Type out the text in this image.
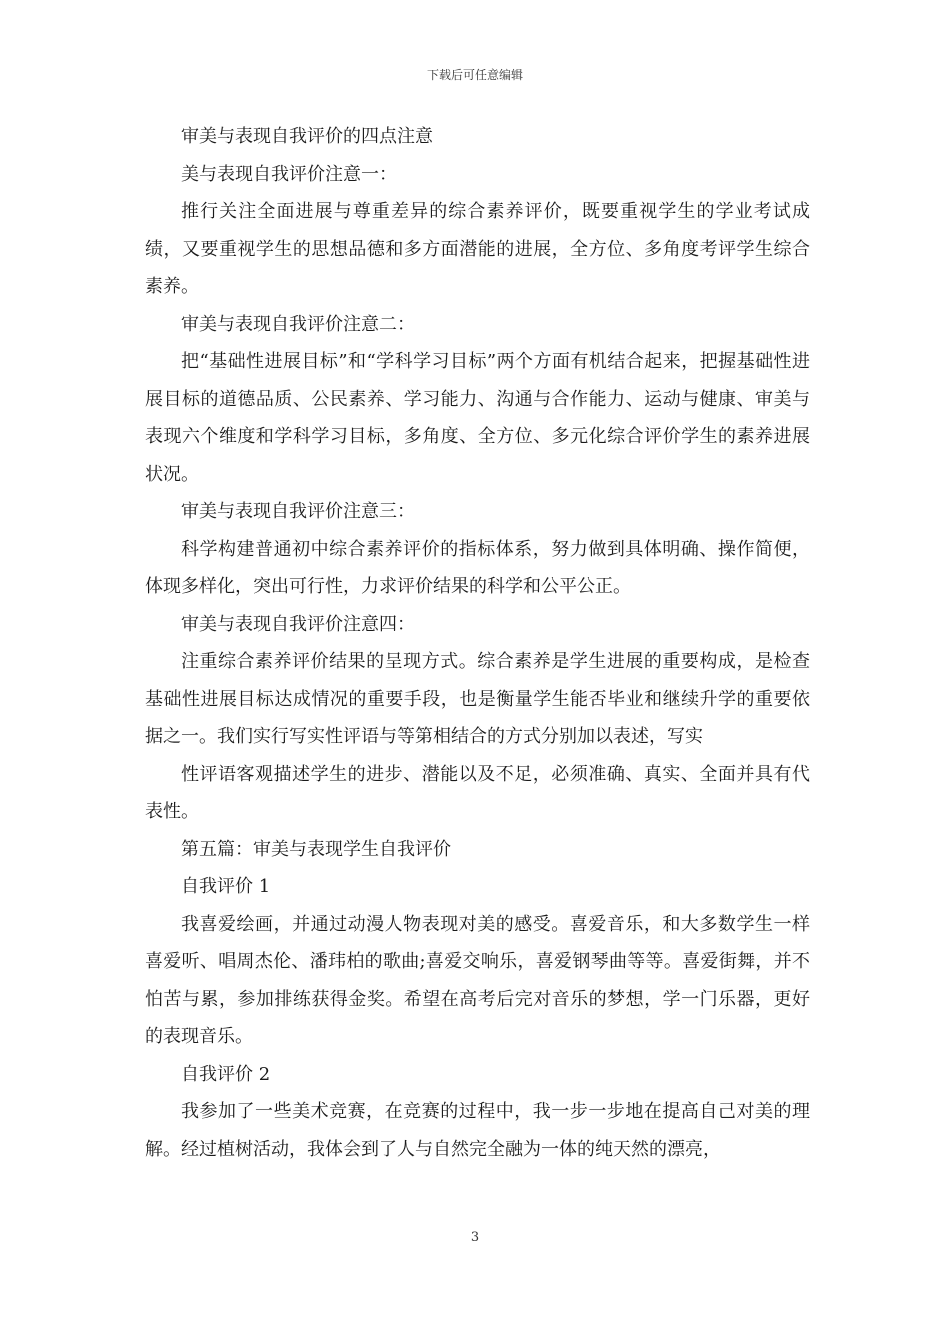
下载后可任意编辑

审美与表现自我评价的四点注意

美与表现自我评价注意一：

推行关注全面进展与尊重差异的综合素养评价，既要重视学生的学业考试成绩，又要重视学生的思想品德和多方面潜能的进展，全方位、多角度考评学生综合素养。

审美与表现自我评价注意二：

把“基础性进展目标”和“学科学习目标”两个方面有机结合起来，把握基础性进展目标的道德品质、公民素养、学习能力、沟通与合作能力、运动与健康、审美与表现六个维度和学科学习目标，多角度、全方位、多元化综合评价学生的素养进展状况。

审美与表现自我评价注意三：

科学构建普通初中综合素养评价的指标体系，努力做到具体明确、操作简便，体现多样化，突出可行性，力求评价结果的科学和公平公正。

审美与表现自我评价注意四：

注重综合素养评价结果的呈现方式。综合素养是学生进展的重要构成，是检查基础性进展目标达成情况的重要手段，也是衡量学生能否毕业和继续升学的重要依据之一。我们实行写实性评语与等第相结合的方式分别加以表述，写实

性评语客观描述学生的进步、潜能以及不足，必须准确、真实、全面并具有代表性。

第五篇：审美与表现学生自我评价

自我评价 1

我喜爱绘画，并通过动漫人物表现对美的感受。喜爱音乐，和大多数学生一样喜爱听、唱周杰伦、潘玮柏的歌曲;喜爱交响乐，喜爱钢琴曲等等。喜爱街舞，并不怕苦与累，参加排练获得金奖。希望在高考后完对音乐的梦想，学一门乐器，更好的表现音乐。

自我评价 2

我参加了一些美术竞赛，在竞赛的过程中，我一步一步地在提高自己对美的理解。经过植树活动，我体会到了人与自然完全融为一体的纯天然的漂亮，

3
